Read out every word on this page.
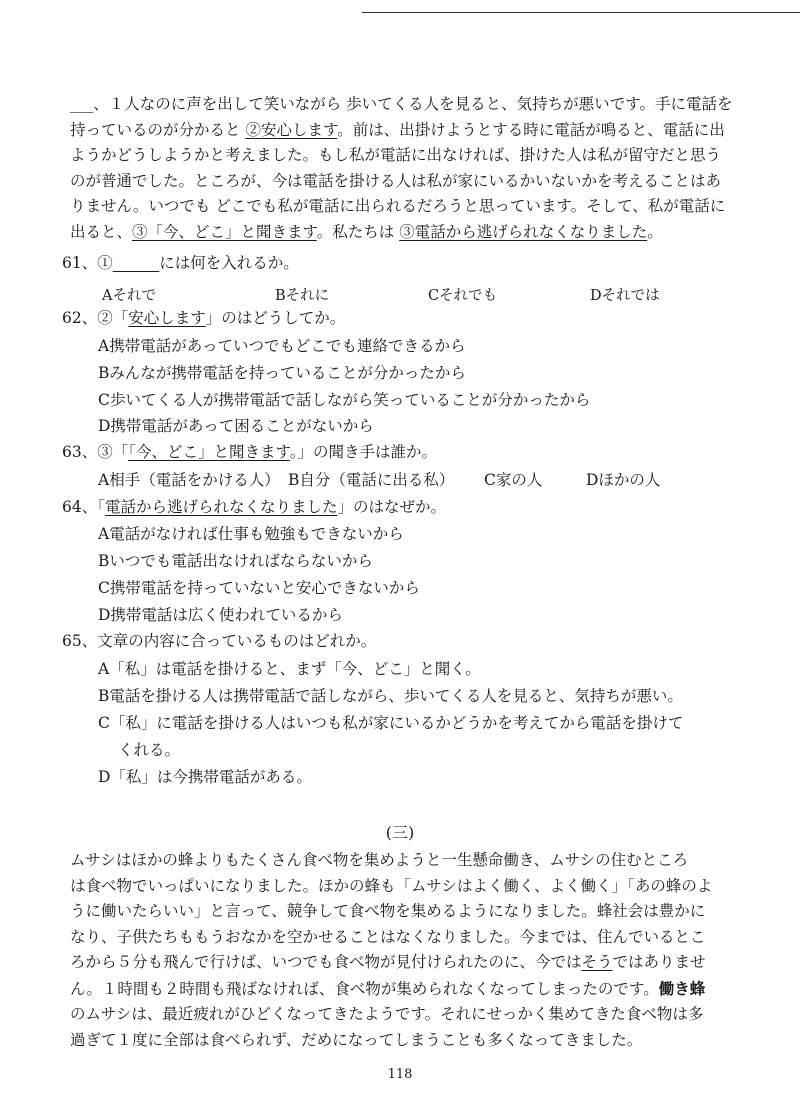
___、１人なのに声を出して笑いながら 歩いてくる人を見ると、気持ちが悪いです。手に電話を
持っているのが分かると ②安心します。前は、出掛けようとする時に電話が鳴ると、電話に出
ようかどうしようかと考えました。もし私が電話に出なければ、掛けた人は私が留守だと思う
のが普通でした。ところが、今は電話を掛ける人は私が家にいるかいないかを考えることはあ
りません。いつでも どこでも私が電話に出られるだろうと思っています。そして、私が電話に
出ると、③「今、どこ」と聞きます。私たちは ③電話から逃げられなくなりました。
61、①______には何を入れるか。
Aそれで	Bそれに	Cそれでも	Dそれでは
62、②「安心します」のはどうしてか。
A携帯電話があっていつでもどこでも連絡できるから
Bみんなが携帯電話を持っていることが分かったから
C歩いてくる人が携帯電話で話しながら笑っていることが分かったから
D携帯電話があって困ることがないから
63、③「「今、どこ」と聞きます。」の聞き手は誰か。
A相手（電話をかける人） B自分（電話に出る私） C家の人	Dほかの人
64、「電話から逃げられなくなりました」のはなぜか。
A電話がなければ仕事も勉強もできないから
Bいつでも電話出なければならないから
C携帯電話を持っていないと安心できないから
D携帯電話は広く使われているから
65、文章の内容に合っているものはどれか。
A「私」は電話を掛けると、まず「今、どこ」と聞く。
B電話を掛ける人は携帯電話で話しながら、歩いてくる人を見ると、気持ちが悪い。
C「私」に電話を掛ける人はいつも私が家にいるかどうかを考えてから電話を掛けて
くれる。
D「私」は今携帯電話がある。
(三)
ムサシはほかの蜂よりもたくさん食べ物を集めようと一生懸命働き、ムサシの住むところ
は食べ物でいっぱいになりました。ほかの蜂も「ムサシはよく働く、よく働く」「あの蜂のよ
うに働いたらいい」と言って、競争して食べ物を集めるようになりました。蜂社会は豊かに
なり、子供たちももうおなかを空かせることはなくなりました。今までは、住んでいるとこ
ろから５分も飛んで行けば、いつでも食べ物が見付けられたのに、今ではそうではありませ
ん。１時間も２時間も飛ばなければ、食べ物が集められなくなってしまったのです。働き蜂
のムサシは、最近疲れがひどくなってきたようです。それにせっかく集めてきた食べ物は多
過ぎて１度に全部は食べられず、だめになってしまうことも多くなってきました。
118
